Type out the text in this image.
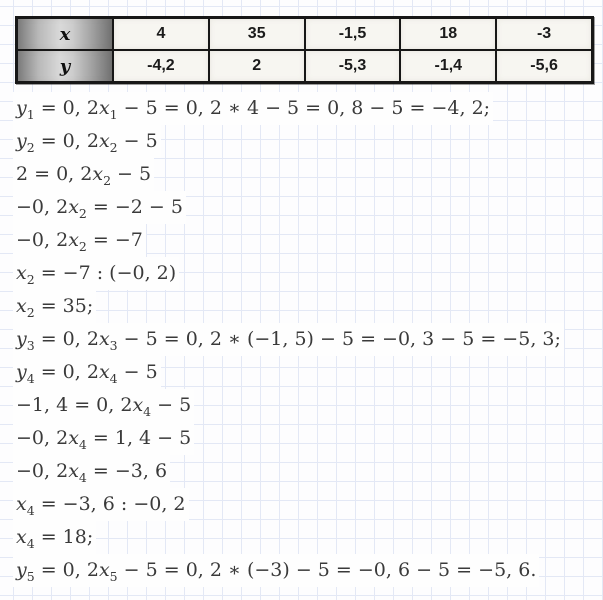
x	4	35	-1,5	18	-3
y	-4,2	2	-5,3	-1,4	-5,6
$y_1 = 0$, $2x_1 - 5 = 0$, 2 ∗ 4 − 5 = 0, 8 − 5 = −4, 2;
$y_2 = 0$, $2x_2 - 5$
2 = 0, $2x_2 - 5$
−0, $2x_2 = -2 - 5$
−0, $2x_2 = -7$
$x_2 = -7$ : (−0, 2)
$x_2 = 35$;
$y_3 = 0$, $2x_3 - 5 = 0$, 2 ∗ (−1, 5) − 5 = −0, 3 − 5 = −5, 3;
$y_4 = 0$, $2x_4 - 5$
−1, 4 = 0, $2x_4 - 5$
−0, $2x_4 = 1$, 4 − 5
−0, $2x_4 = -3$, 6
$x_4 = -3$, 6 : −0, 2
$x_4 = 18$;
$y_5 = 0$, $2x_5 - 5 = 0$, 2 ∗ (−3) − 5 = −0, 6 − 5 = −5, 6.
